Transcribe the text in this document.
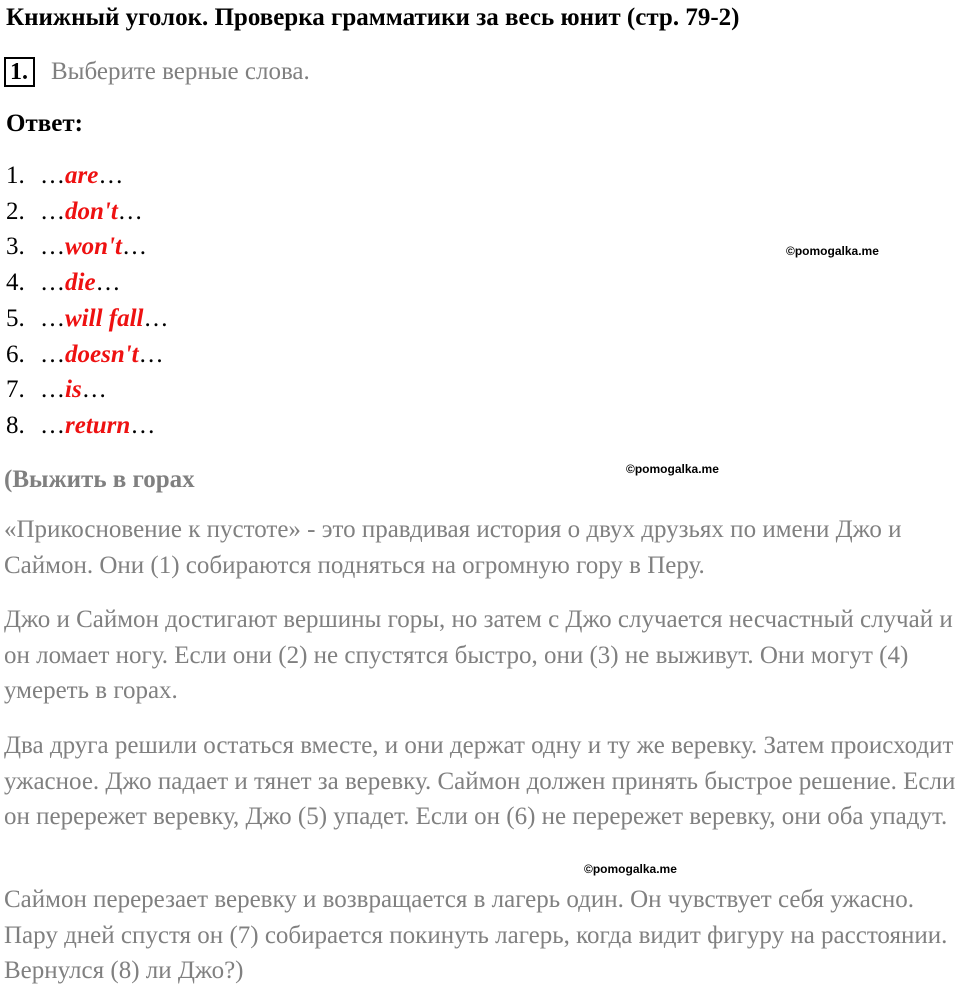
Книжный уголок. Проверка грамматики за весь юнит (стр. 79-2)
1. Выберите верные слова.
Ответ:
1. …are…
2. …don't…
3. …won't…
4. …die…
5. …will fall…
6. …doesn't…
7. …is…
8. …return…
©pomogalka.me
(Выжить в горах	©pomogalka.me

«Прикосновение к пустоте» - это правдивая история о двух друзьях по имени Джо и Саймон. Они (1) собираются подняться на огромную гору в Перу.

Джо и Саймон достигают вершины горы, но затем с Джо случается несчастный случай и он ломает ногу. Если они (2) не спустятся быстро, они (3) не выживут. Они могут (4) умереть в горах.

Два друга решили остаться вместе, и они держат одну и ту же веревку. Затем происходит ужасное. Джо падает и тянет за веревку. Саймон должен принять быстрое решение. Если он перережет веревку, Джо (5) упадет. Если он (6) не перережет веревку, они оба упадут.

©pomogalka.me

Саймон перерезает веревку и возвращается в лагерь один. Он чувствует себя ужасно. Пару дней спустя он (7) собирается покинуть лагерь, когда видит фигуру на расстоянии. Вернулся (8) ли Джо?)
